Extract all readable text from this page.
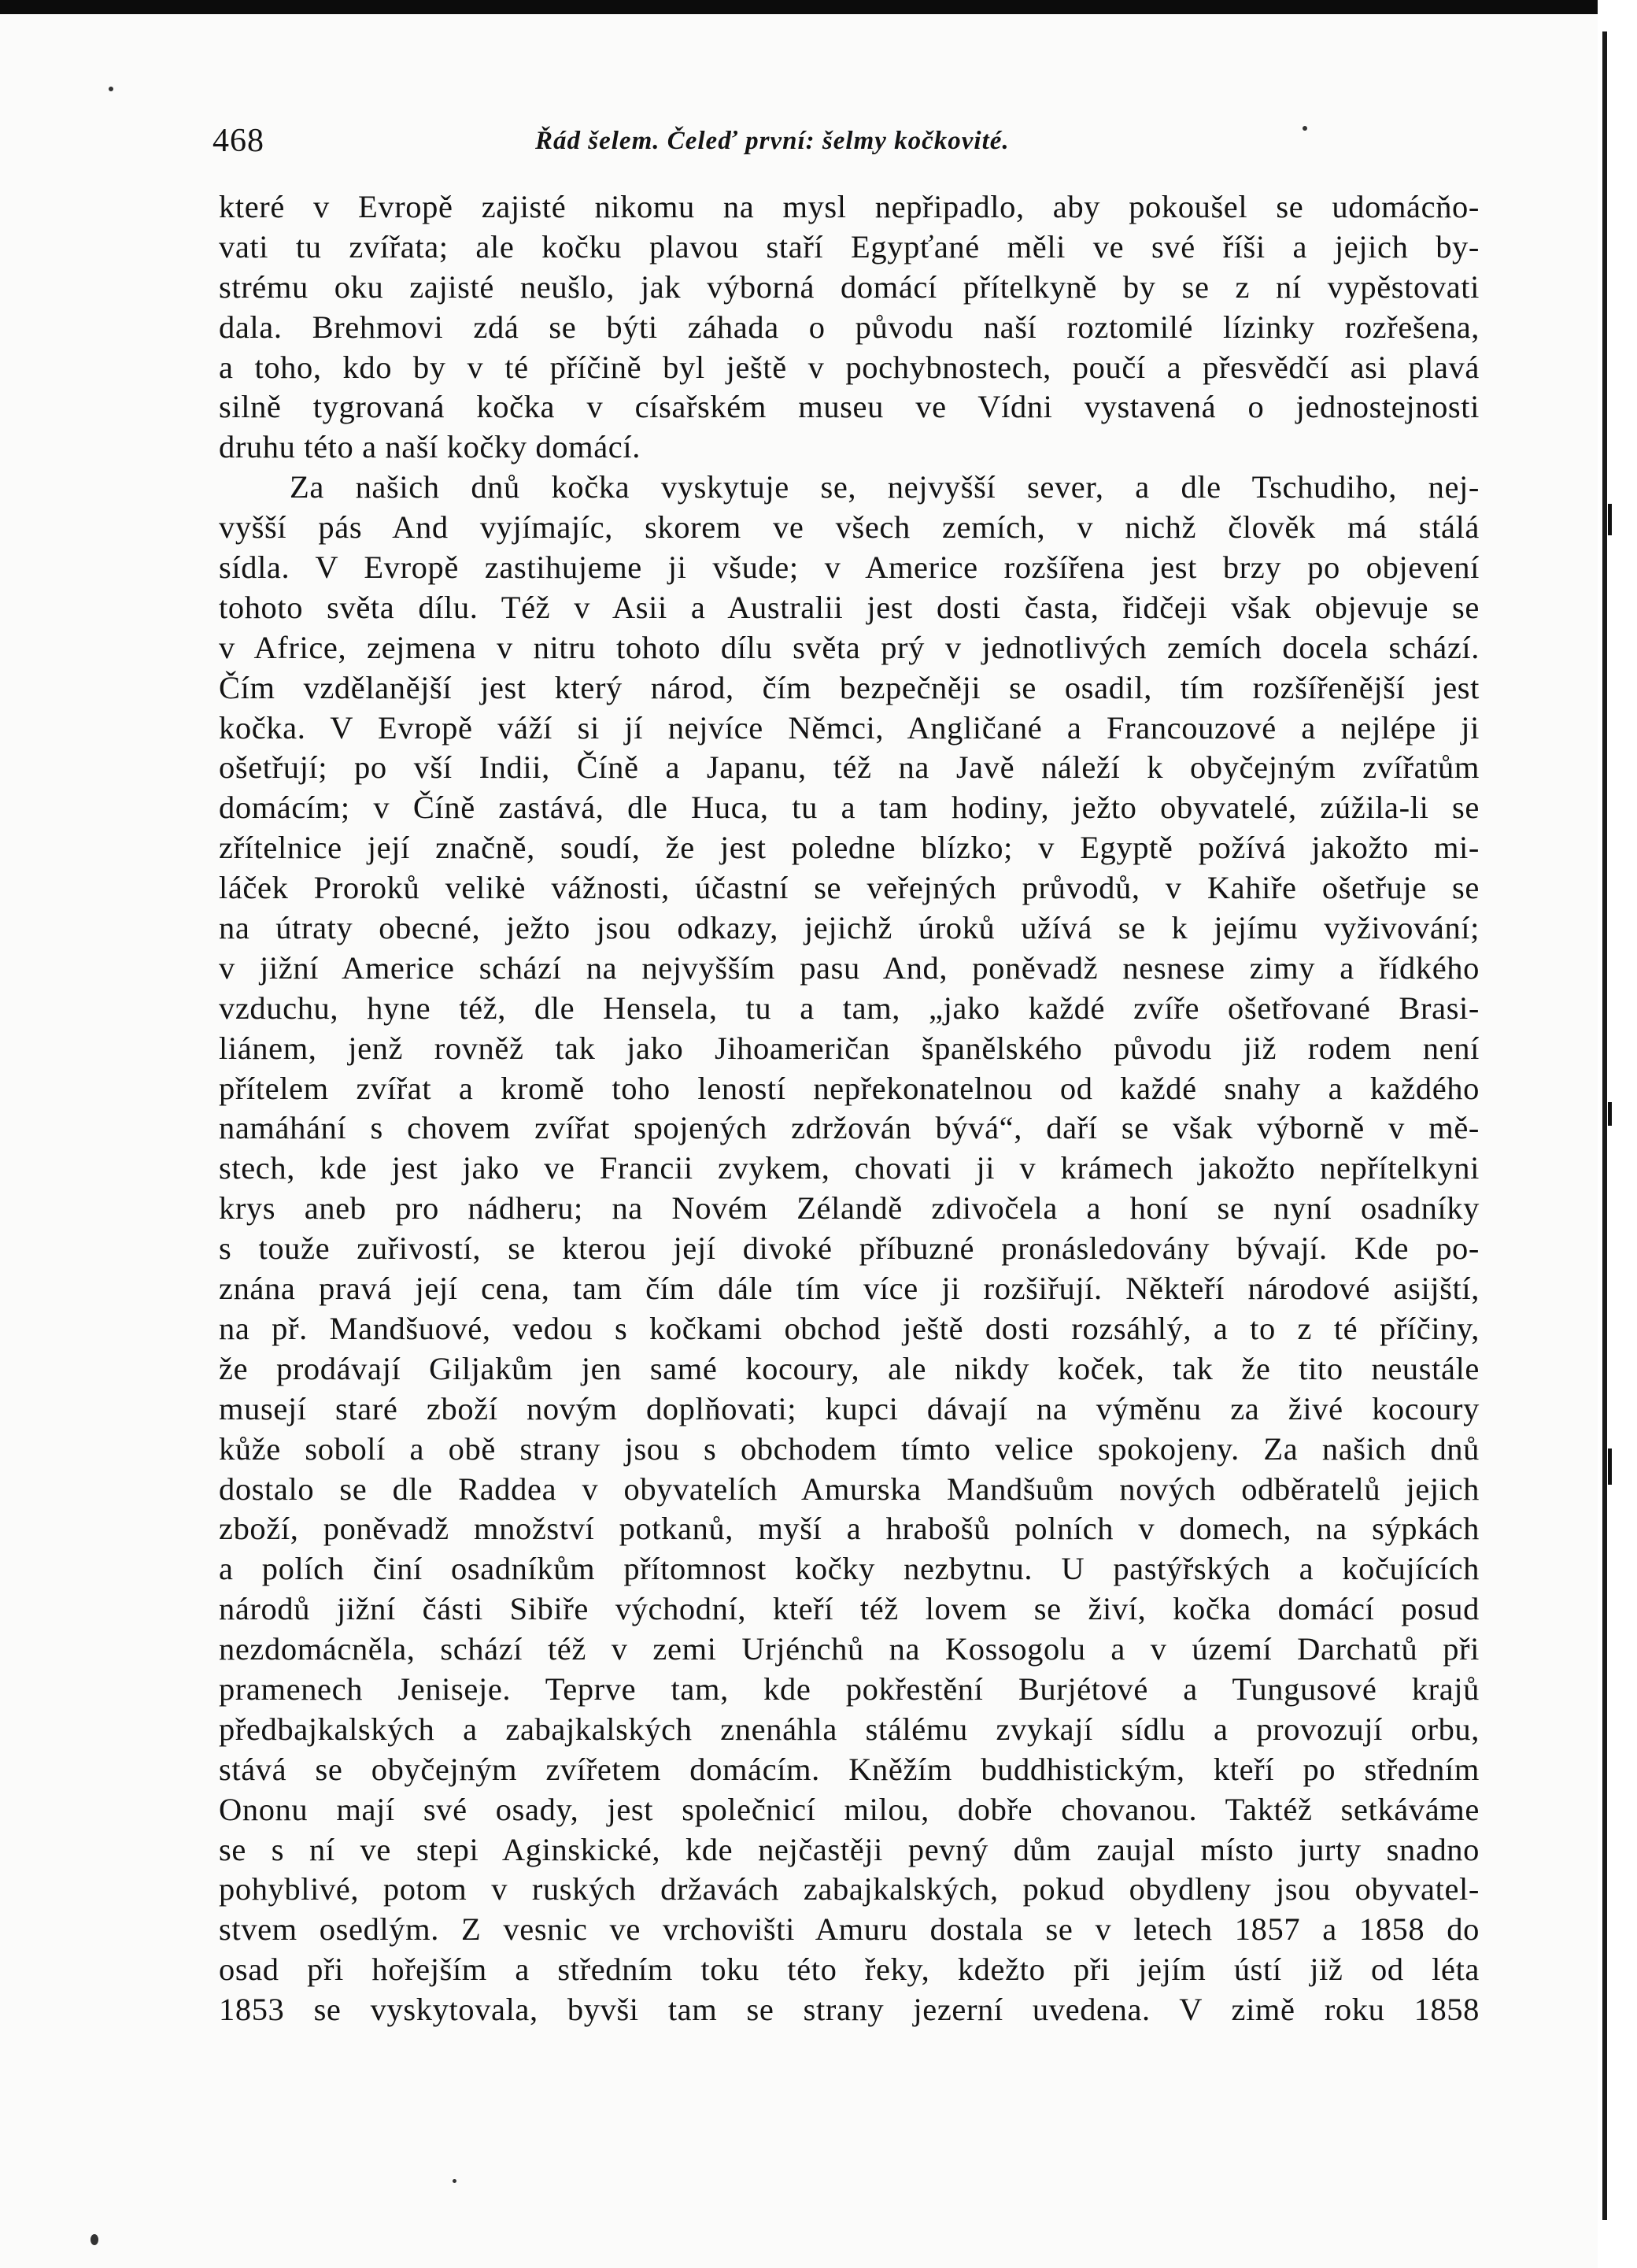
468	Řád šelem. Čeleď první: šelmy kočkovité.
které v Evropě zajisté nikomu na mysl nepřipadlo, aby pokoušel se udomácňo-
vati tu zvířata; ale kočku plavou staří Egypťané měli ve své říši a jejich by-
strému oku zajisté neušlo, jak výborná domácí přítelkyně by se z ní vypěstovati
dala. Brehmovi zdá se býti záhada o původu naší roztomilé lízinky rozřešena,
a toho, kdo by v té příčině byl ještě v pochybnostech, poučí a přesvědčí asi plavá
silně tygrovaná kočka v císařském museu ve Vídni vystavená o jednostejnosti
druhu této a naší kočky domácí.
Za našich dnů kočka vyskytuje se, nejvyšší sever, a dle Tschudiho, nej-
vyšší pás And vyjímajíc, skorem ve všech zemích, v nichž člověk má stálá
sídla. V Evropě zastihujeme ji všude; v Americe rozšířena jest brzy po objevení
tohoto světa dílu. Též v Asii a Australii jest dosti časta, řidčeji však objevuje se
v Africe, zejmena v nitru tohoto dílu světa prý v jednotlivých zemích docela schází.
Čím vzdělanější jest který národ, čím bezpečněji se osadil, tím rozšířenější jest
kočka. V Evropě váží si jí nejvíce Němci, Angličané a Francouzové a nejlépe ji
ošetřují; po vší Indii, Číně a Japanu, též na Javě náleží k obyčejným zvířatům
domácím; v Číně zastává, dle Huca, tu a tam hodiny, ježto obyvatelé, zúžila-li se
zřítelnice její značně, soudí, že jest poledne blízko; v Egyptě požívá jakožto mi-
láček Proroků velikė vážnosti, účastní se veřejných průvodů, v Kahiře ošetřuje se
na útraty obecné, ježto jsou odkazy, jejichž úroků užívá se k jejímu vyživování;
v jižní Americe schází na nejvyšším pasu And, poněvadž nesnese zimy a řídkého
vzduchu, hyne též, dle Hensela, tu a tam, „jako každé zvíře ošetřované Brasi-
liánem, jenž rovněž tak jako Jihoameričan španělského původu již rodem není
přítelem zvířat a kromě toho leností nepřekonatelnou od každé snahy a každého
namáhání s chovem zvířat spojených zdržován bývá“, daří se však výborně v mě-
stech, kde jest jako ve Francii zvykem, chovati ji v krámech jakožto nepřítelkyni
krys aneb pro nádheru; na Novém Zélandě zdivočela a honí se nyní osadníky
s touže zuřivostí, se kterou její divoké příbuzné pronásledovány bývají. Kde po-
znána pravá její cena, tam čím dále tím více ji rozšiřují. Někteří národové asijští,
na př. Mandšuové, vedou s kočkami obchod ještě dosti rozsáhlý, a to z té příčiny,
že prodávají Giljakům jen samé kocoury, ale nikdy koček, tak že tito neustále
musejí staré zboží novým doplňovati; kupci dávají na výměnu za živé kocoury
kůže sobolí a obě strany jsou s obchodem tímto velice spokojeny. Za našich dnů
dostalo se dle Raddea v obyvatelích Amurska Mandšuům nových odběratelů jejich
zboží, poněvadž množství potkanů, myší a hrabošů polních v domech, na sýpkách
a polích činí osadníkům přítomnost kočky nezbytnu. U pastýřských a kočujících
národů jižní části Sibiře východní, kteří též lovem se živí, kočka domácí posud
nezdomácněla, schází též v zemi Urjénchů na Kossogolu a v území Darchatů při
pramenech Jeniseje. Teprve tam, kde pokřestění Burjétové a Tungusové krajů
předbajkalských a zabajkalských znenáhla stálému zvykají sídlu a provozují orbu,
stává se obyčejným zvířetem domácím. Kněžím buddhistickým, kteří po středním
Ononu mají své osady, jest společnicí milou, dobře chovanou. Taktéž setkáváme
se s ní ve stepi Aginskické, kde nejčastěji pevný dům zaujal místo jurty snadno
pohyblivé, potom v ruských državách zabajkalských, pokud obydleny jsou obyvatel-
stvem osedlým. Z vesnic ve vrchovišti Amuru dostala se v letech 1857 a 1858 do
osad při hořejším a středním toku této řeky, kdežto při jejím ústí již od léta
1853 se vyskytovala, byvši tam se strany jezerní uvedena. V zimě roku 1858
